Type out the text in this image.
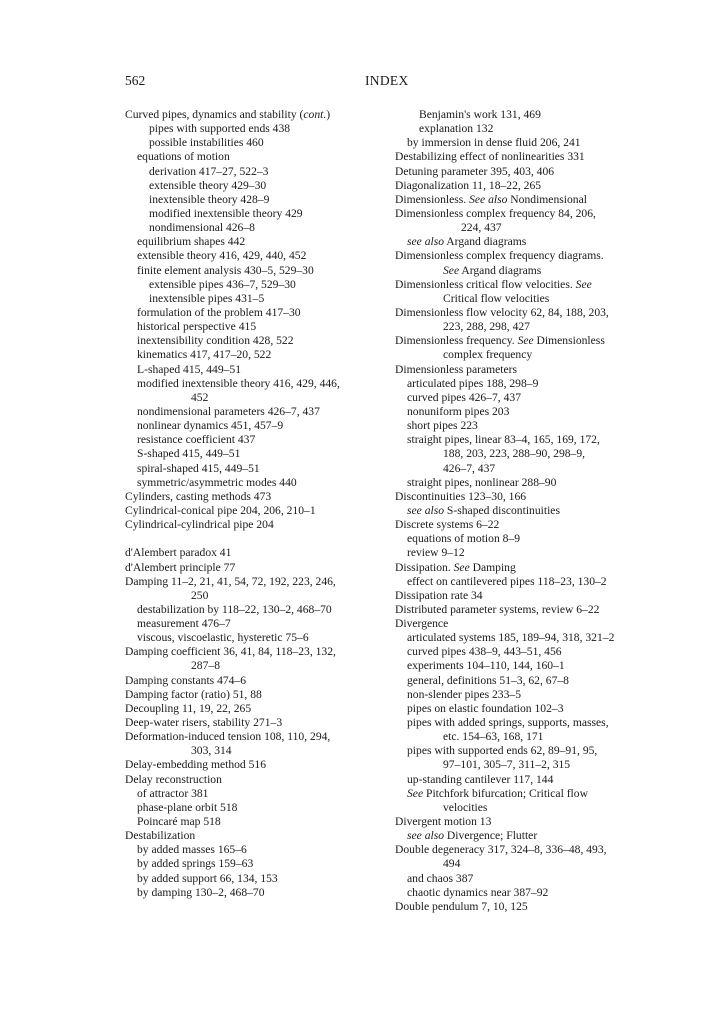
562	INDEX
Curved pipes, dynamics and stability (cont.)
pipes with supported ends 438
possible instabilities 460
equations of motion
derivation 417–27, 522–3
extensible theory 429–30
inextensible theory 428–9
modified inextensible theory 429
nondimensional 426–8
equilibrium shapes 442
extensible theory 416, 429, 440, 452
finite element analysis 430–5, 529–30
extensible pipes 436–7, 529–30
inextensible pipes 431–5
formulation of the problem 417–30
historical perspective 415
inextensibility condition 428, 522
kinematics 417, 417–20, 522
L-shaped 415, 449–51
modified inextensible theory 416, 429, 446,
452
nondimensional parameters 426–7, 437
nonlinear dynamics 451, 457–9
resistance coefficient 437
S-shaped 415, 449–51
spiral-shaped 415, 449–51
symmetric/asymmetric modes 440
Cylinders, casting methods 473
Cylindrical-conical pipe 204, 206, 210–1
Cylindrical-cylindrical pipe 204
d'Alembert paradox 41
d'Alembert principle 77
Damping 11–2, 21, 41, 54, 72, 192, 223, 246,
250
destabilization by 118–22, 130–2, 468–70
measurement 476–7
viscous, viscoelastic, hysteretic 75–6
Damping coefficient 36, 41, 84, 118–23, 132,
287–8
Damping constants 474–6
Damping factor (ratio) 51, 88
Decoupling 11, 19, 22, 265
Deep-water risers, stability 271–3
Deformation-induced tension 108, 110, 294,
303, 314
Delay-embedding method 516
Delay reconstruction
of attractor 381
phase-plane orbit 518
Poincaré map 518
Destabilization
by added masses 165–6
by added springs 159–63
by added support 66, 134, 153
by damping 130–2, 468–70
Benjamin's work 131, 469
explanation 132
by immersion in dense fluid 206, 241
Destabilizing effect of nonlinearities 331
Detuning parameter 395, 403, 406
Diagonalization 11, 18–22, 265
Dimensionless. See also Nondimensional
Dimensionless complex frequency 84, 206,
224, 437
see also Argand diagrams
Dimensionless complex frequency diagrams.
See Argand diagrams
Dimensionless critical flow velocities. See
Critical flow velocities
Dimensionless flow velocity 62, 84, 188, 203,
223, 288, 298, 427
Dimensionless frequency. See Dimensionless
complex frequency
Dimensionless parameters
articulated pipes 188, 298–9
curved pipes 426–7, 437
nonuniform pipes 203
short pipes 223
straight pipes, linear 83–4, 165, 169, 172,
188, 203, 223, 288–90, 298–9,
426–7, 437
straight pipes, nonlinear 288–90
Discontinuities 123–30, 166
see also S-shaped discontinuities
Discrete systems 6–22
equations of motion 8–9
review 9–12
Dissipation. See Damping
effect on cantilevered pipes 118–23, 130–2
Dissipation rate 34
Distributed parameter systems, review 6–22
Divergence
articulated systems 185, 189–94, 318, 321–2
curved pipes 438–9, 443–51, 456
experiments 104–110, 144, 160–1
general, definitions 51–3, 62, 67–8
non-slender pipes 233–5
pipes on elastic foundation 102–3
pipes with added springs, supports, masses,
etc. 154–63, 168, 171
pipes with supported ends 62, 89–91, 95,
97–101, 305–7, 311–2, 315
up-standing cantilever 117, 144
See Pitchfork bifurcation; Critical flow
velocities
Divergent motion 13
see also Divergence; Flutter
Double degeneracy 317, 324–8, 336–48, 493,
494
and chaos 387
chaotic dynamics near 387–92
Double pendulum 7, 10, 125
